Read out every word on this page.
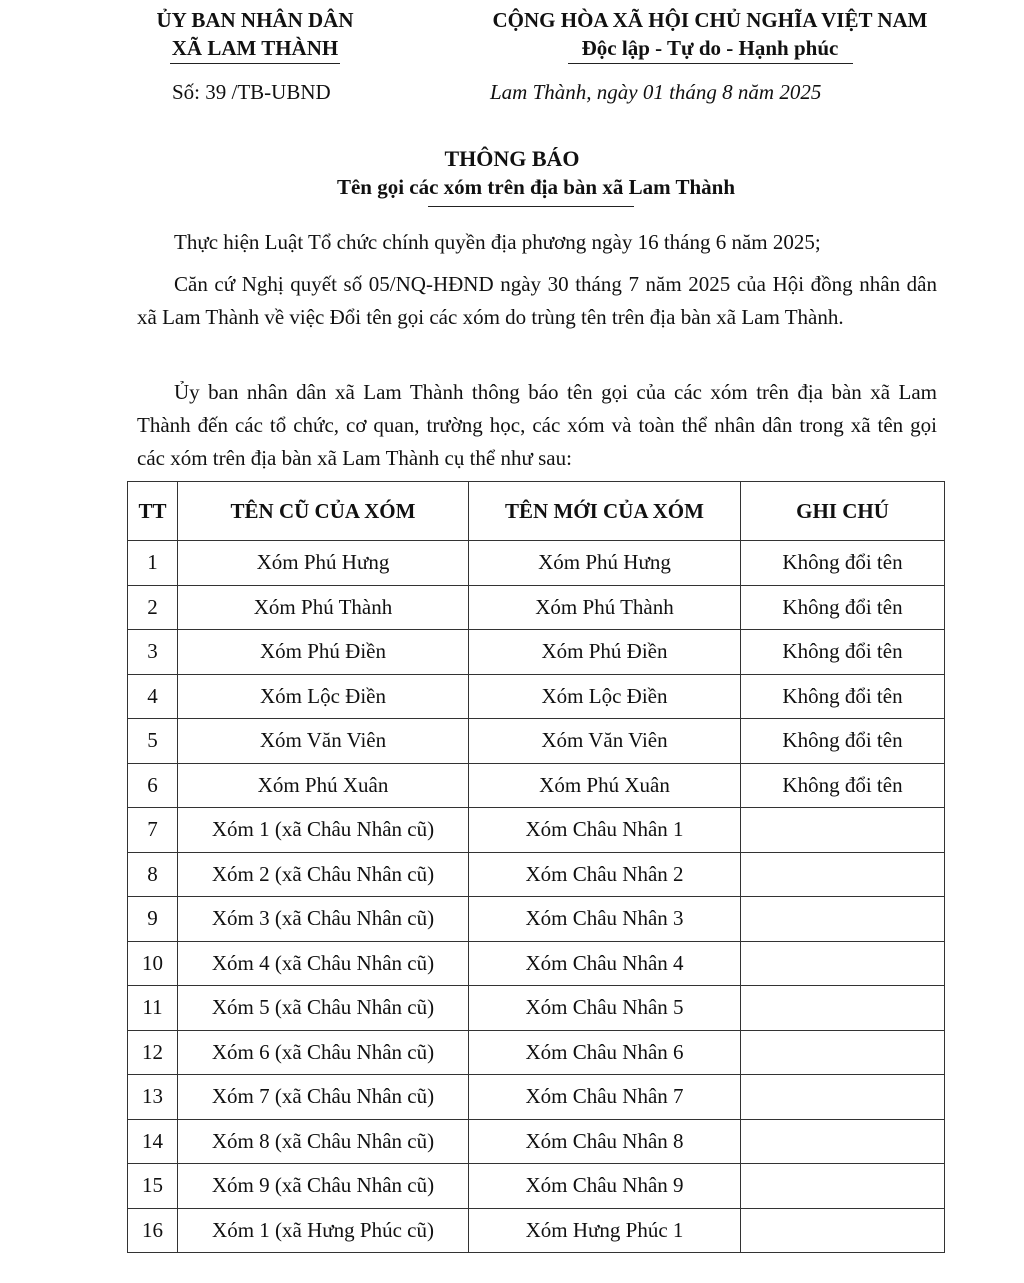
ỦY BAN NHÂN DÂN
XÃ LAM THÀNH
CỘNG HÒA XÃ HỘI CHỦ NGHĨA VIỆT NAM
Độc lập - Tự do - Hạnh phúc
Số: 39 /TB-UBND	Lam Thành, ngày 01 tháng 8 năm 2025
THÔNG BÁO
Tên gọi các xóm trên địa bàn xã Lam Thành
Thực hiện Luật Tổ chức chính quyền địa phương ngày 16 tháng 6 năm 2025;
Căn cứ Nghị quyết số 05/NQ-HĐND ngày 30 tháng 7 năm 2025 của Hội đồng nhân dân xã Lam Thành về việc Đổi tên gọi các xóm do trùng tên trên địa bàn xã Lam Thành.
Ủy ban nhân dân xã Lam Thành thông báo tên gọi của các xóm trên địa bàn xã Lam Thành đến các tổ chức, cơ quan, trường học, các xóm và toàn thể nhân dân trong xã tên gọi các xóm trên địa bàn xã Lam Thành cụ thể như sau:
TT	TÊN CŨ CỦA XÓM	TÊN MỚI CỦA XÓM	GHI CHÚ
1	Xóm Phú Hưng	Xóm Phú Hưng	Không đổi tên
2	Xóm Phú Thành	Xóm Phú Thành	Không đổi tên
3	Xóm Phú Điền	Xóm Phú Điền	Không đổi tên
4	Xóm Lộc Điền	Xóm Lộc Điền	Không đổi tên
5	Xóm Văn Viên	Xóm Văn Viên	Không đổi tên
6	Xóm Phú Xuân	Xóm Phú Xuân	Không đổi tên
7	Xóm 1 (xã Châu Nhân cũ)	Xóm Châu Nhân 1	
8	Xóm 2 (xã Châu Nhân cũ)	Xóm Châu Nhân 2	
9	Xóm 3 (xã Châu Nhân cũ)	Xóm Châu Nhân 3	
10	Xóm 4 (xã Châu Nhân cũ)	Xóm Châu Nhân 4	
11	Xóm 5 (xã Châu Nhân cũ)	Xóm Châu Nhân 5	
12	Xóm 6 (xã Châu Nhân cũ)	Xóm Châu Nhân 6	
13	Xóm 7 (xã Châu Nhân cũ)	Xóm Châu Nhân 7	
14	Xóm 8 (xã Châu Nhân cũ)	Xóm Châu Nhân 8	
15	Xóm 9 (xã Châu Nhân cũ)	Xóm Châu Nhân 9	
16	Xóm 1 (xã Hưng Phúc cũ)	Xóm Hưng Phúc 1	
